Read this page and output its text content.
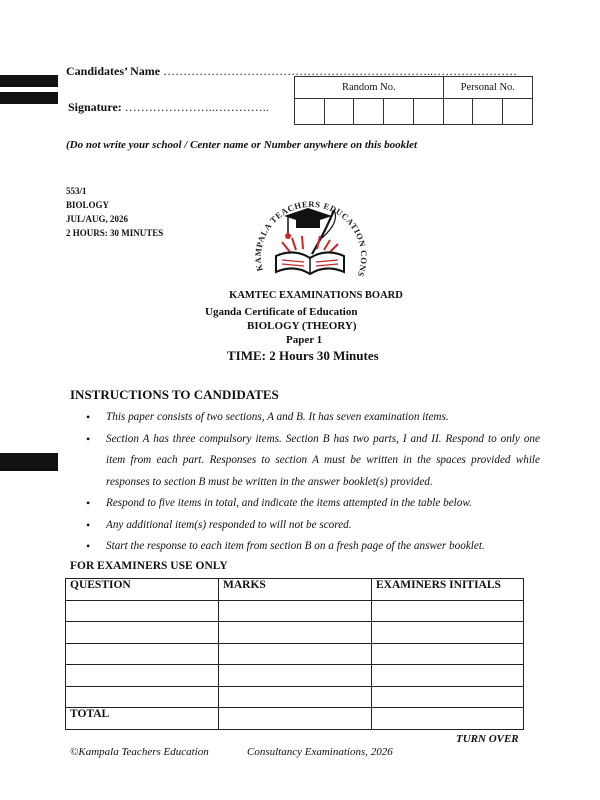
Candidates’ Name …………………………………………………………..…………………
Random No.					Personal No.		

Signature: …………………..…………..
(Do not write your school / Center name or Number anywhere on this booklet
553/1
BIOLOGY
JUL/AUG, 2026
2 HOURS: 30 MINUTES
KAMPALA TEACHERS EDUCATION CONS
KAMTEC EXAMINATIONS BOARD
Uganda Certificate of Education
BIOLOGY (THEORY)
Paper 1
TIME: 2 Hours 30 Minutes
INSTRUCTIONS TO CANDIDATES
• This paper consists of two sections, A and B. It has seven examination items.
• Section A has three compulsory items. Section B has two parts, I and II. Respond to only one item from each part. Responses to section A must be written in the spaces provided while responses to section B must be written in the answer booklet(s) provided.
• Respond to five items in total, and indicate the items attempted in the table below.
• Any additional item(s) responded to will not be scored.
• Start the response to each item from section B on a fresh page of the answer booklet.
FOR EXAMINERS USE ONLY
QUESTION	MARKS	EXAMINERS INITIALS

TOTAL		
TURN OVER
©Kampala Teachers Education	Consultancy Examinations, 2026
